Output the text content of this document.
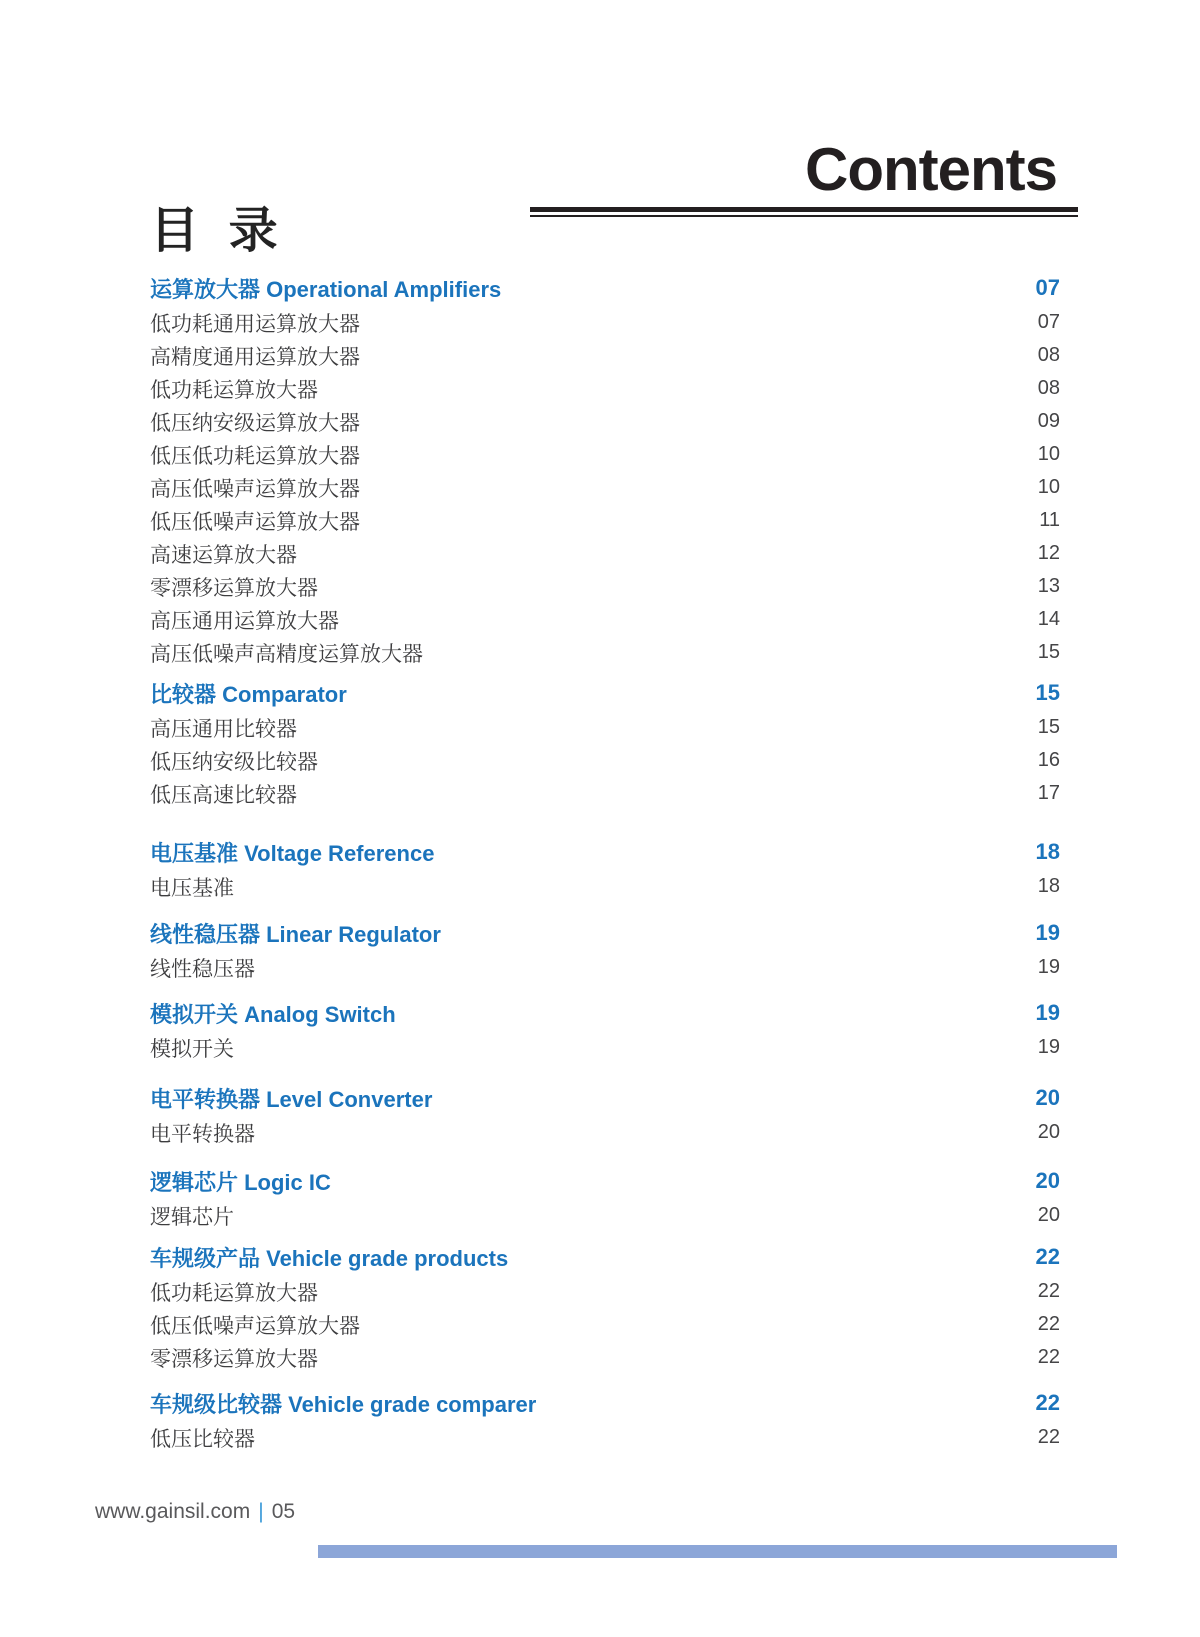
Contents
目 录
运算放大器 Operational Amplifiers	07
低功耗通用运算放大器	07
高精度通用运算放大器	08
低功耗运算放大器	08
低压纳安级运算放大器	09
低压低功耗运算放大器	10
高压低噪声运算放大器	10
低压低噪声运算放大器	11
高速运算放大器	12
零漂移运算放大器	13
高压通用运算放大器	14
高压低噪声高精度运算放大器	15
比较器 Comparator	15
高压通用比较器	15
低压纳安级比较器	16
低压高速比较器	17
电压基准 Voltage Reference	18
电压基准	18
线性稳压器 Linear Regulator	19
线性稳压器	19
模拟开关 Analog Switch	19
模拟开关	19
电平转换器 Level Converter	20
电平转换器	20
逻辑芯片 Logic IC	20
逻辑芯片	20
车规级产品 Vehicle grade products	22
低功耗运算放大器	22
低压低噪声运算放大器	22
零漂移运算放大器	22
车规级比较器 Vehicle grade comparer	22
低压比较器	22
www.gainsil.com | 05
